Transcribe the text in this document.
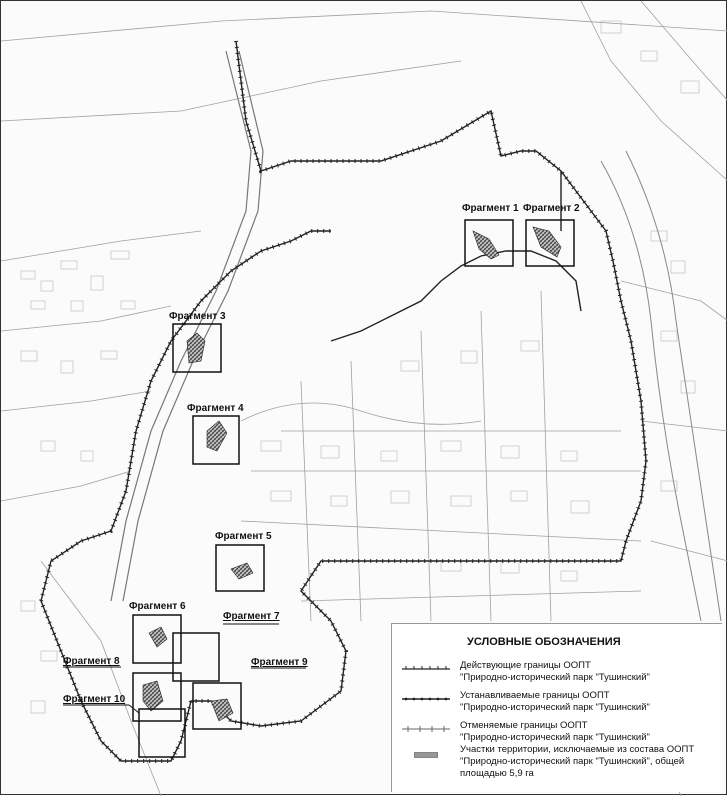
Фрагмент 1 Фрагмент 2
Фрагмент 3
Фрагмент 4
Фрагмент 5
Фрагмент 6
Фрагмент 7
Фрагмент 8	Фрагмент 9
Фрагмент 10
УСЛОВНЫЕ ОБОЗНАЧЕНИЯ
Действующие границы ООПТ
"Природно-исторический парк "Тушинский"
Устанавливаемые границы ООПТ
"Природно-исторический парк "Тушинский"
Отменяемые границы ООПТ
"Природно-исторический парк "Тушинский"
Участки территории, исключаемые из состава ООПТ
"Природно-исторический парк "Тушинский", общей
площадью 5,9 га
